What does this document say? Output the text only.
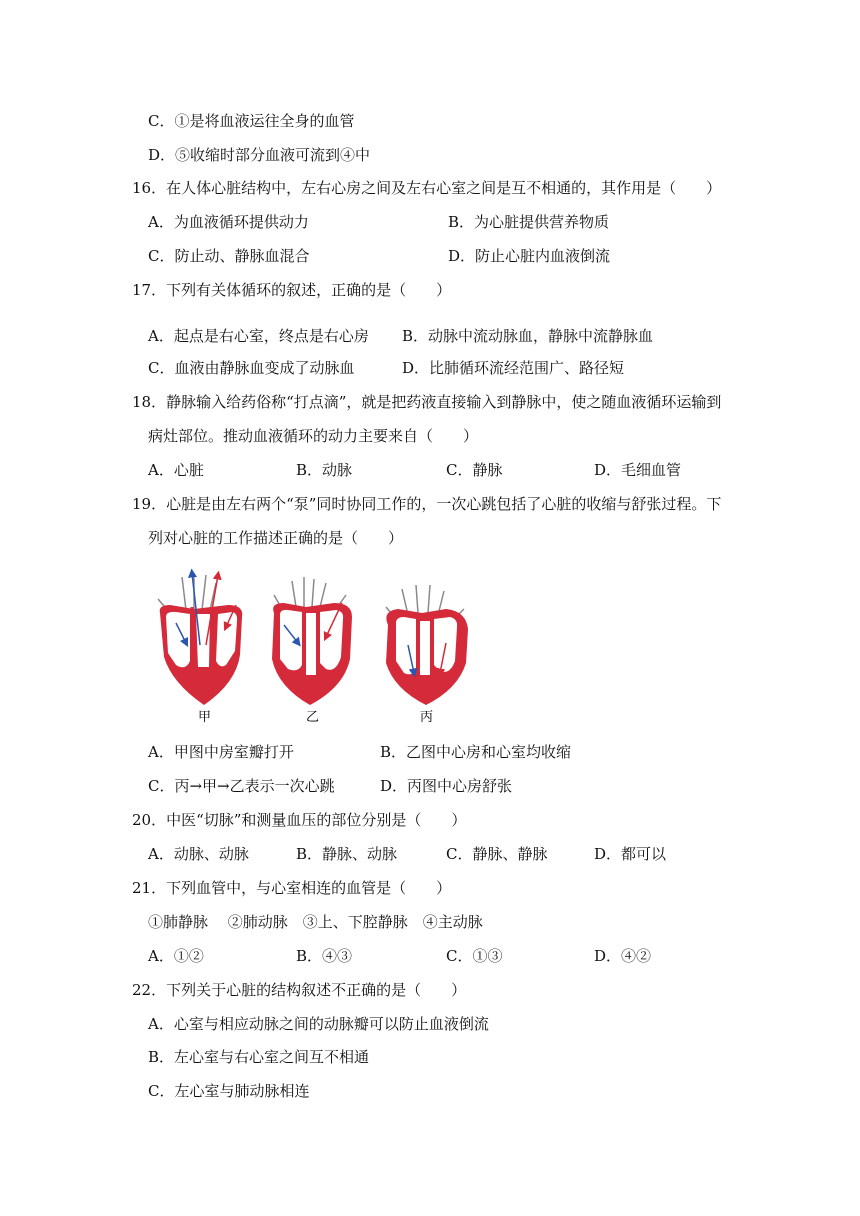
C．①是将血液运往全身的血管
D．⑤收缩时部分血液可流到④中
16．在人体心脏结构中，左右心房之间及左右心室之间是互不相通的，其作用是（　　）
A．为血液循环提供动力	B．为心脏提供营养物质
C．防止动、静脉血混合	D．防止心脏内血液倒流
17．下列有关体循环的叙述，正确的是（　　）
A．起点是右心室，终点是右心房 B．动脉中流动脉血，静脉中流静脉血
C．血液由静脉血变成了动脉血	D．比肺循环流经范围广、路径短
18．静脉输入给药俗称“打点滴”，就是把药液直接输入到静脉中，使之随血液循环运输到
病灶部位。推动血液循环的动力主要来自（　　）
A．心脏	B．动脉	C．静脉	D．毛细血管
19．心脏是由左右两个“泵”同时协同工作的，一次心跳包括了心脏的收缩与舒张过程。下
列对心脏的工作描述正确的是（　　）
甲	乙	丙
A．甲图中房室瓣打开	B．乙图中心房和心室均收缩
C．丙→甲→乙表示一次心跳	D．丙图中心房舒张
20．中医“切脉”和测量血压的部位分别是（　　）
A．动脉、动脉	B．静脉、动脉	C．静脉、静脉	D．都可以
21．下列血管中，与心室相连的血管是（　　）
①肺静脉　 ②肺动脉　③上、下腔静脉　④主动脉
A．①②	B．④③	C．①③	D．④②
22．下列关于心脏的结构叙述不正确的是（　　）
A．心室与相应动脉之间的动脉瓣可以防止血液倒流
B．左心室与右心室之间互不相通
C．左心室与肺动脉相连
